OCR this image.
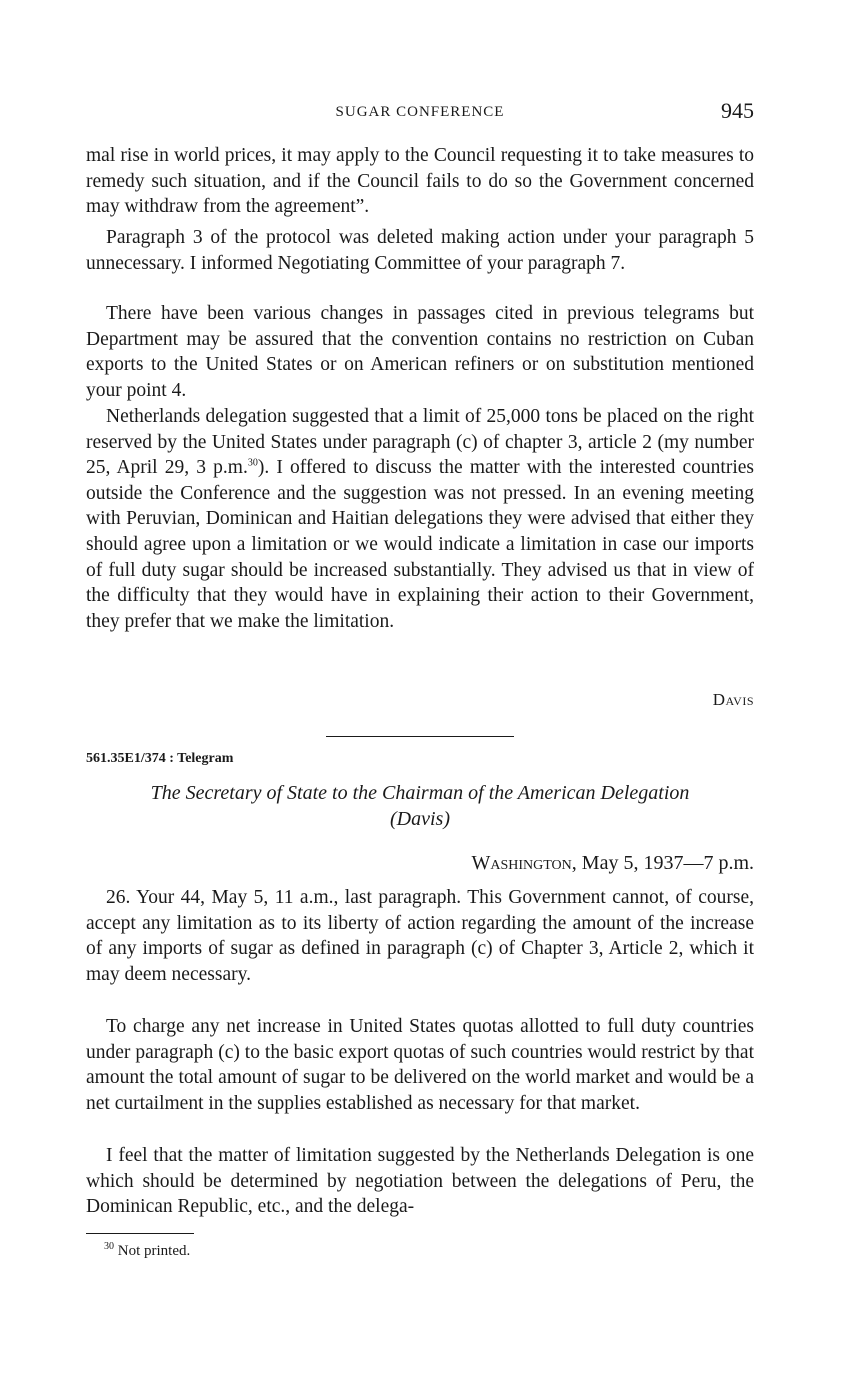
SUGAR CONFERENCE	945

mal rise in world prices, it may apply to the Council requesting it to take measures to remedy such situation, and if the Council fails to do so the Government concerned may withdraw from the agreement”.

Paragraph 3 of the protocol was deleted making action under your paragraph 5 unnecessary. I informed Negotiating Committee of your paragraph 7.

There have been various changes in passages cited in previous telegrams but Department may be assured that the convention contains no restriction on Cuban exports to the United States or on American refiners or on substitution mentioned your point 4.

Netherlands delegation suggested that a limit of 25,000 tons be placed on the right reserved by the United States under paragraph (c) of chapter 3, article 2 (my number 25, April 29, 3 p.m.$^{30}$). I offered to discuss the matter with the interested countries outside the Conference and the suggestion was not pressed. In an evening meeting with Peruvian, Dominican and Haitian delegations they were advised that either they should agree upon a limitation or we would indicate a limitation in case our imports of full duty sugar should be increased substantially. They advised us that in view of the difficulty that they would have in explaining their action to their Government, they prefer that we make the limitation.

Davis
561.35E1/374 : Telegram
The Secretary of State to the Chairman of the American Delegation
(Davis)
Washington, May 5, 1937—7 p.m.

26. Your 44, May 5, 11 a.m., last paragraph. This Government cannot, of course, accept any limitation as to its liberty of action regarding the amount of the increase of any imports of sugar as defined in paragraph (c) of Chapter 3, Article 2, which it may deem necessary.

To charge any net increase in United States quotas allotted to full duty countries under paragraph (c) to the basic export quotas of such countries would restrict by that amount the total amount of sugar to be delivered on the world market and would be a net curtailment in the supplies established as necessary for that market.

I feel that the matter of limitation suggested by the Netherlands Delegation is one which should be determined by negotiation between the delegations of Peru, the Dominican Republic, etc., and the delega-

$^{30}$ Not printed.
